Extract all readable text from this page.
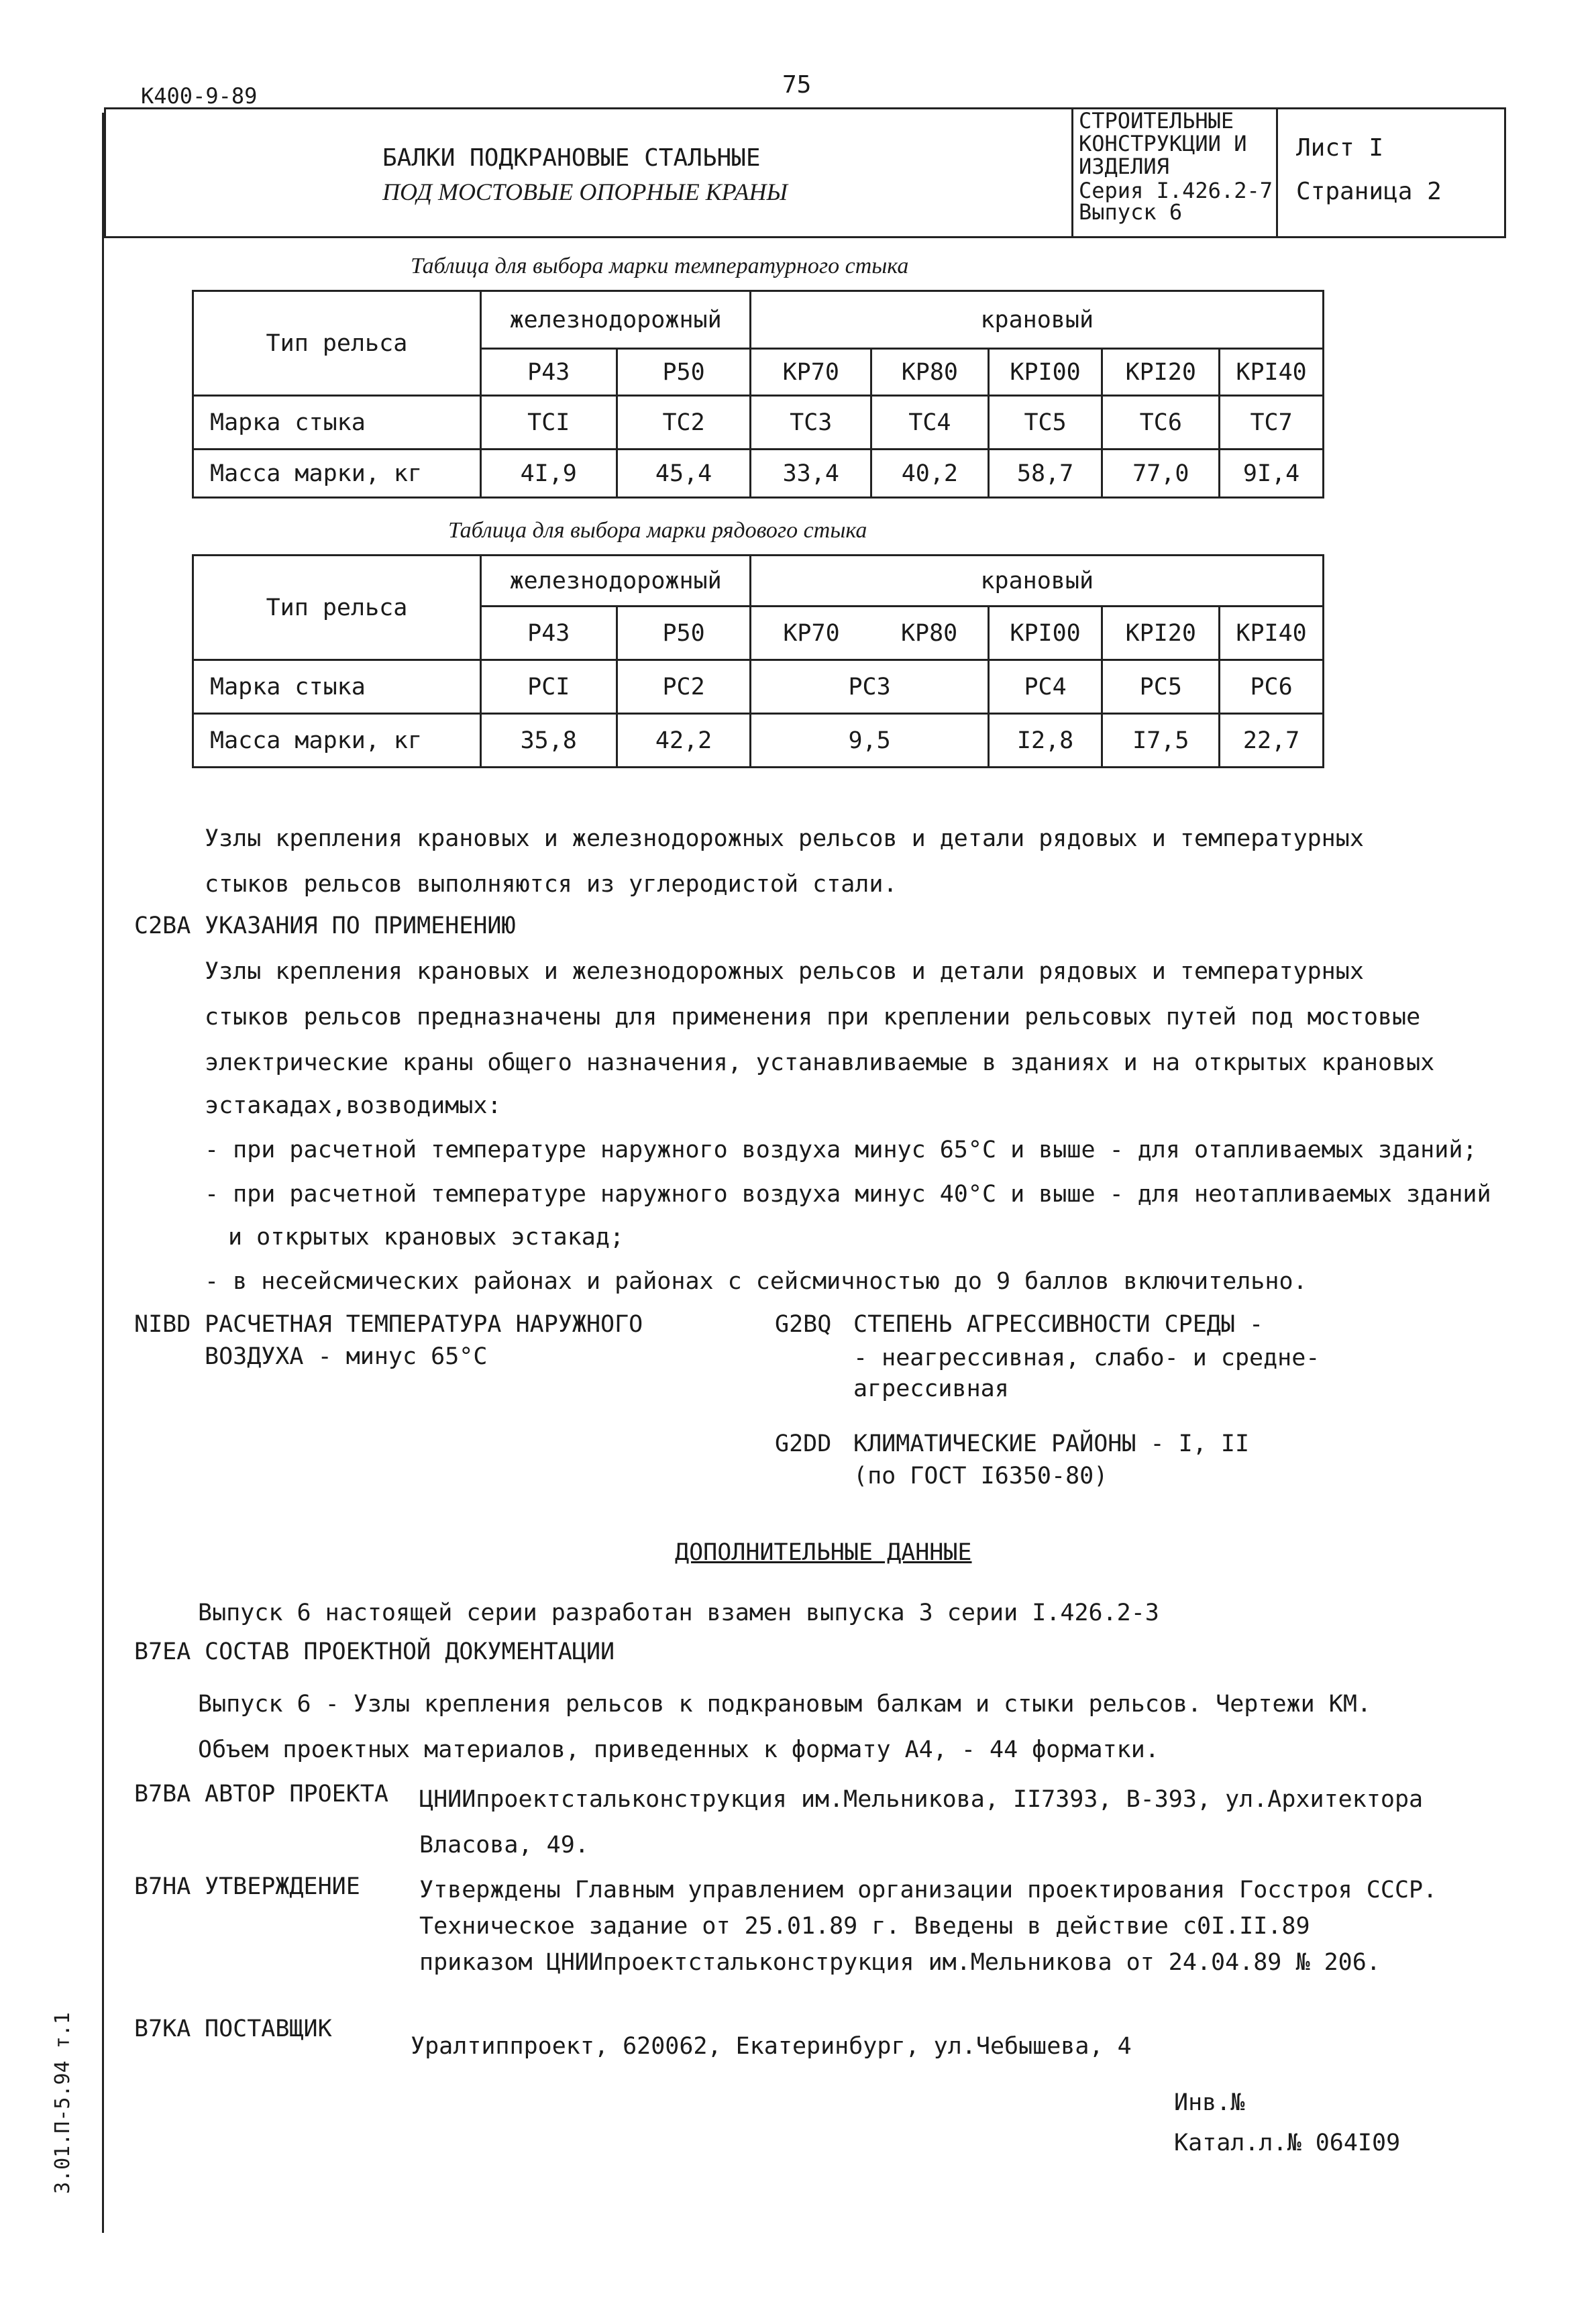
К400-9-89	75
БАЛКИ ПОДКРАНОВЫЕ СТАЛЬНЫЕ
ПОД МОСТОВЫЕ ОПОРНЫЕ КРАНЫ
СТРОИТЕЛЬНЫЕ
КОНСТРУКЦИИ И
ИЗДЕЛИЯ
Серия I.426.2-7
Выпуск 6
Лист I
Страница 2
Таблица для выбора марки температурного стыка
Тип рельса	железнодорожный		крановый				
	Р43	Р50	КР70	КР80	КРI00	КРI20	КРI40
Марка стыка	ТСI	ТС2	ТС3	ТС4	ТС5	ТС6	ТС7
Масса марки, кг	4I,9	45,4	33,4	40,2	58,7	77,0	9I,4
Таблица для выбора марки рядового стыка
Тип рельса	железнодорожный		крановый				
	Р43	Р50	КР70	КР80	КРI00	КРI20	КРI40
Марка стыка	РСI	РС2	РС3		РС4	РС5	РС6
Масса марки, кг	35,8	42,2	9,5		I2,8	I7,5	22,7
Узлы крепления крановых и железнодорожных рельсов и детали рядовых и температурных
стыков рельсов выполняются из углеродистой стали.
С2ВА УКАЗАНИЯ ПО ПРИМЕНЕНИЮ
Узлы крепления крановых и железнодорожных рельсов и детали рядовых и температурных
стыков рельсов предназначены для применения при креплении рельсовых путей под мостовые
электрические краны общего назначения, устанавливаемые в зданиях и на открытых крановых
эстакадах,возводимых:
- при расчетной температуре наружного воздуха минус 65°С и выше - для отапливаемых зданий;
- при расчетной температуре наружного воздуха минус 40°С и выше - для неотапливаемых зданий
и открытых крановых эстакад;
- в несейсмических районах и районах с сейсмичностью до 9 баллов включительно.
NIBD РАСЧЕТНАЯ ТЕМПЕРАТУРА НАРУЖНОГО
ВОЗДУХА - минус 65°С
G2BQ СТЕПЕНЬ АГРЕССИВНОСТИ СРЕДЫ -
- неагрессивная, слабо- и средне-
агрессивная
G2DD КЛИМАТИЧЕСКИЕ РАЙОНЫ - I, II
(по ГОСТ I6350-80)
ДОПОЛНИТЕЛЬНЫЕ ДАННЫЕ
Выпуск 6 настоящей серии разработан взамен выпуска 3 серии I.426.2-3
В7ЕА СОСТАВ ПРОЕКТНОЙ ДОКУМЕНТАЦИИ
Выпуск 6 - Узлы крепления рельсов к подкрановым балкам и стыки рельсов. Чертежи КМ.
Объем проектных материалов, приведенных к формату А4, - 44 форматки.
В7ВА АВТОР ПРОЕКТА ЦНИИпроектстальконструкция им.Мельникова, II7393, В-393, ул.Архитектора
Власова, 49.
В7НА УТВЕРЖДЕНИЕ	Утверждены Главным управлением организации проектирования Госстроя СССР.
Техническое задание от 25.01.89 г. Введены в действие с0I.II.89
приказом ЦНИИпроектстальконструкция им.Мельникова от 24.04.89 № 206.
В7КА ПОСТАВЩИК
Уралтиппроект, 620062, Екатеринбург, ул.Чебышева, 4
Инв.№
Катал.л.№ 064I09
3.01.П-5.94 т.1
